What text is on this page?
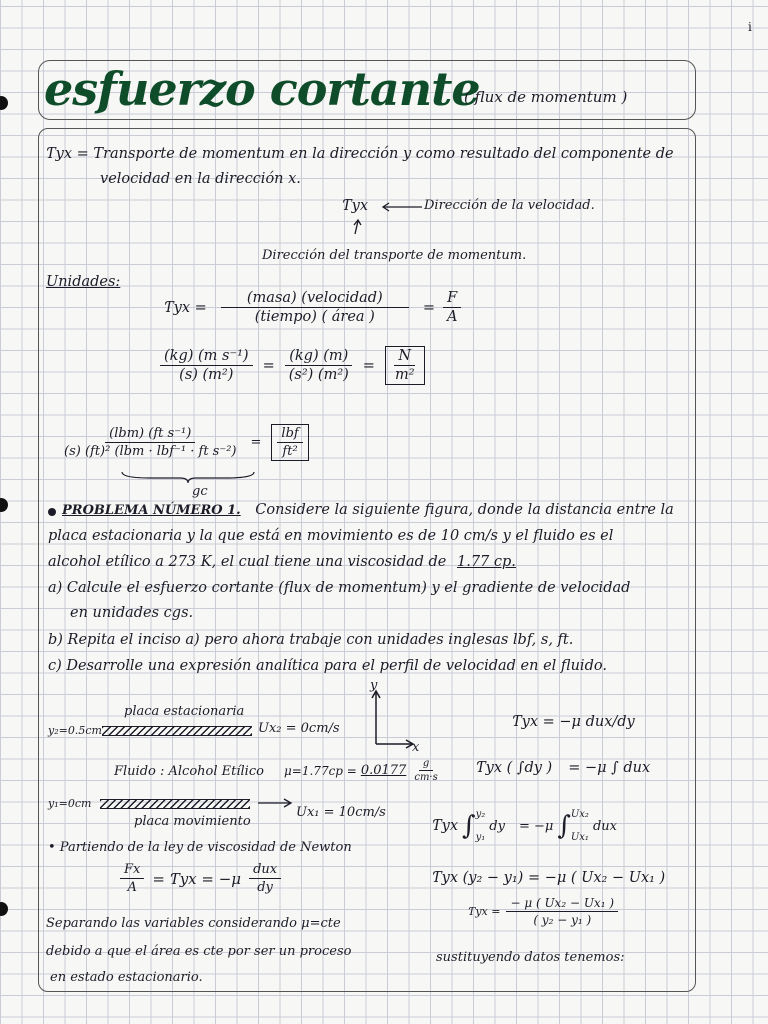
i
esfuerzo cortante
( flux de momentum )
Ƭyx = Transporte de momentum en la dirección y como resultado del componente de
velocidad en la dirección x.
Ƭyx	Dirección de la velocidad.
Dirección del transporte de momentum.
Unidades:
Ƭyx = $\frac{\text{(masa) (velocidad)}}{\text{(tiempo) ( área )}} = \frac{F}{A}$
$\frac{\text{(kg) (m s⁻¹)}}{\text{(s) (m²)}} = \frac{(kg) (m)}{\text{(s²) (m²)}} = \frac{N}{\text{m²}}$
$\frac{\text{(lbm) (ft s⁻¹)}}{\text{(s) (ft)² (lbm · lbf⁻¹ · ft s⁻²)}} = \frac{\text{lbf}}{\text{ft²}}$
gc
PROBLEMA NÚMERO 1. Considere la siguiente figura, donde la distancia entre la
placa estacionaria y la que está en movimiento es de 10 cm/s y el fluido es el
alcohol etílico a 273 K, el cual tiene una viscosidad de 1.77 cp.
a) Calcule el esfuerzo cortante (flux de momentum) y el gradiente de velocidad
en unidades cgs.
b) Repita el inciso a) pero ahora trabaje con unidades inglesas lbf, s, ft.
c) Desarrolle una expresión analítica para el perfil de velocidad en el fluido.
y
x
placa estacionaria
y₂=0.5cm	Ux₂ = 0cm/s
Fluido : Alcohol Etílico $\mu=1.77cp = 0.0177 \frac{g}{cm\cdot s}$
y₁=0cm
Ux₁ = 10cm/s
placa movimiento
• Partiendo de la ley de viscosidad de Newton
$\frac{Fx}{A}$ = Ƭyx = $-\mu \frac{\text{dux}}{dy}$
Separando las variables considerando μ=cte
debido a que el área es cte por ser un proceso
en estado estacionario.
Ƭyx = −μ dux/dy
Ƭyx ( ∫dy ) = −μ ∫ dux
Ƭyx ∫ y₂
y₁
dy = −μ ∫ Ux₂
Ux₁
dux
Ƭyx (y₂ − y₁) = −μ ( Ux₂ − Ux₁ )
Ƭyx = $\frac{\text{− μ ( Ux₂ − Ux₁ )}}{\text{( y₂ − y₁ )}}$
sustituyendo datos tenemos:
